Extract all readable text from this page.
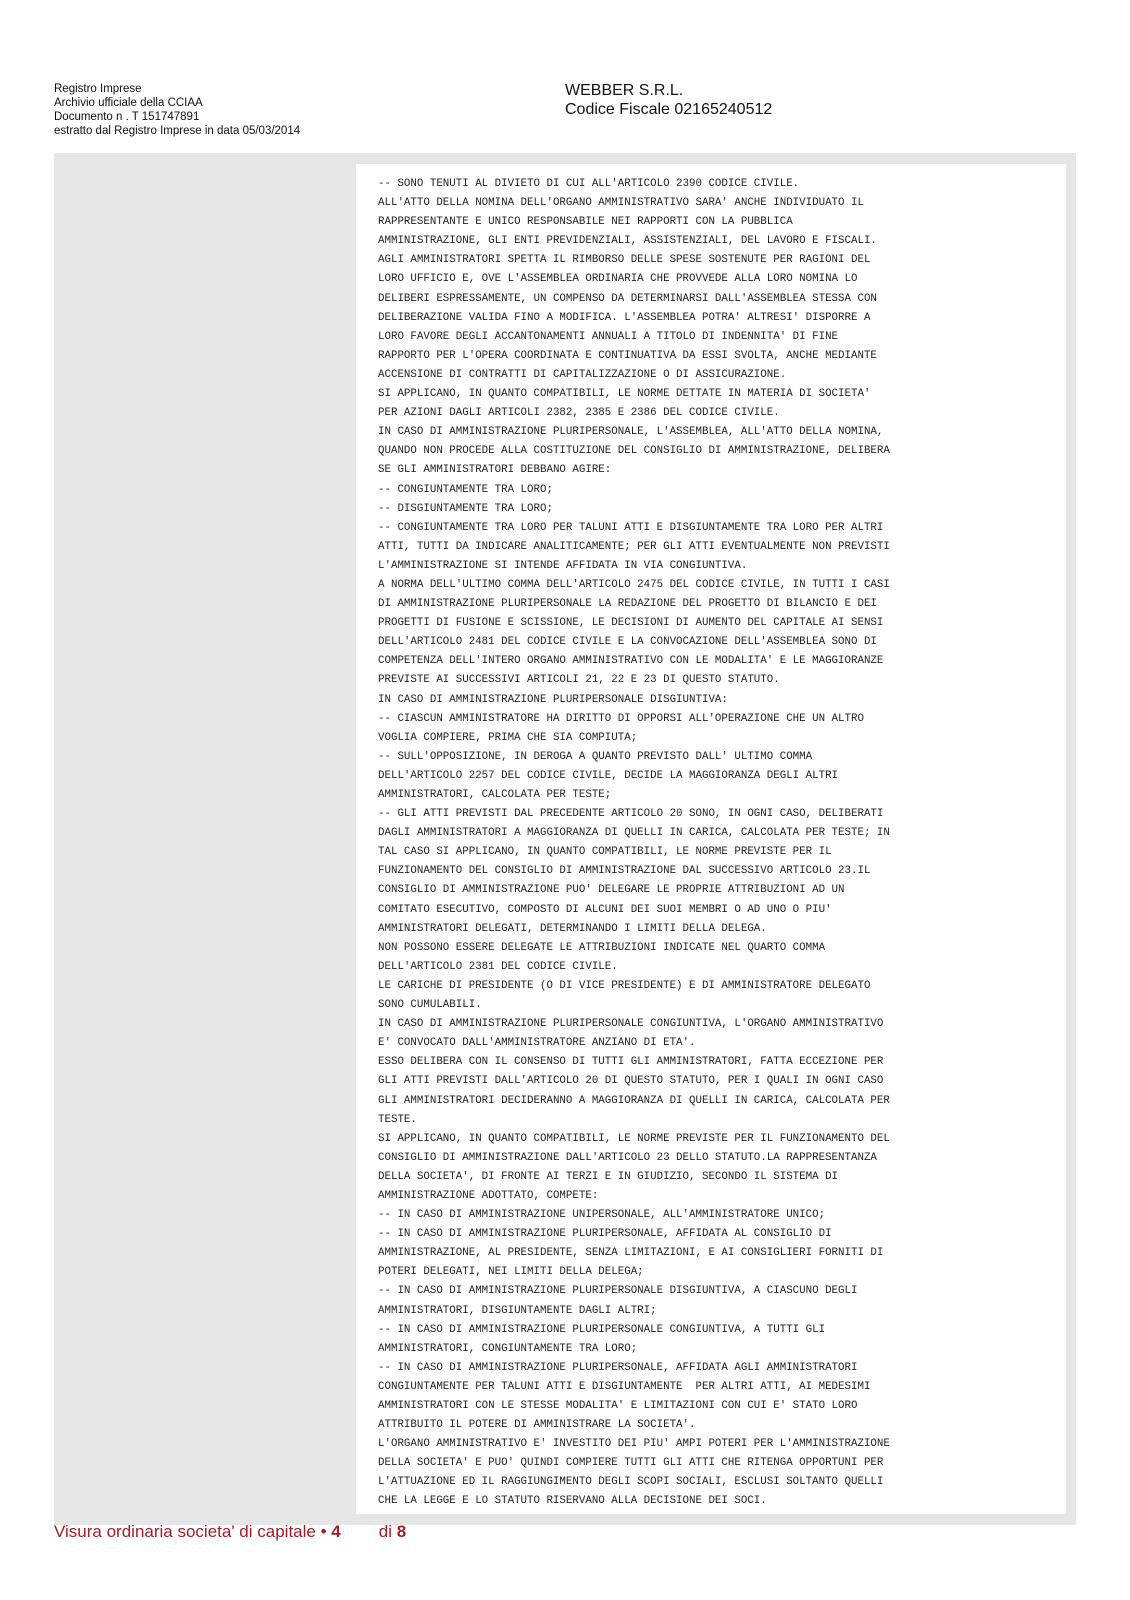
Registro Imprese
Archivio ufficiale della CCIAA
Documento n . T 151747891
estratto dal Registro Imprese in data 05/03/2014
WEBBER S.R.L.
Codice Fiscale 02165240512
-- SONO TENUTI AL DIVIETO DI CUI ALL'ARTICOLO 2390 CODICE CIVILE.
ALL'ATTO DELLA NOMINA DELL'ORGANO AMMINISTRATIVO SARA' ANCHE INDIVIDUATO IL
RAPPRESENTANTE E UNICO RESPONSABILE NEI RAPPORTI CON LA PUBBLICA
AMMINISTRAZIONE, GLI ENTI PREVIDENZIALI, ASSISTENZIALI, DEL LAVORO E FISCALI.
AGLI AMMINISTRATORI SPETTA IL RIMBORSO DELLE SPESE SOSTENUTE PER RAGIONI DEL
LORO UFFICIO E, OVE L'ASSEMBLEA ORDINARIA CHE PROVVEDE ALLA LORO NOMINA LO
DELIBERI ESPRESSAMENTE, UN COMPENSO DA DETERMINARSI DALL'ASSEMBLEA STESSA CON
DELIBERAZIONE VALIDA FINO A MODIFICA. L'ASSEMBLEA POTRA' ALTRESI' DISPORRE A
LORO FAVORE DEGLI ACCANTONAMENTI ANNUALI A TITOLO DI INDENNITA' DI FINE
RAPPORTO PER L'OPERA COORDINATA E CONTINUATIVA DA ESSI SVOLTA, ANCHE MEDIANTE
ACCENSIONE DI CONTRATTI DI CAPITALIZZAZIONE O DI ASSICURAZIONE.
SI APPLICANO, IN QUANTO COMPATIBILI, LE NORME DETTATE IN MATERIA DI SOCIETA'
PER AZIONI DAGLI ARTICOLI 2382, 2385 E 2386 DEL CODICE CIVILE.
IN CASO DI AMMINISTRAZIONE PLURIPERSONALE, L'ASSEMBLEA, ALL'ATTO DELLA NOMINA,
QUANDO NON PROCEDE ALLA COSTITUZIONE DEL CONSIGLIO DI AMMINISTRAZIONE, DELIBERA
SE GLI AMMINISTRATORI DEBBANO AGIRE:
-- CONGIUNTAMENTE TRA LORO;
-- DISGIUNTAMENTE TRA LORO;
-- CONGIUNTAMENTE TRA LORO PER TALUNI ATTI E DISGIUNTAMENTE TRA LORO PER ALTRI
ATTI, TUTTI DA INDICARE ANALITICAMENTE; PER GLI ATTI EVENTUALMENTE NON PREVISTI
L'AMMINISTRAZIONE SI INTENDE AFFIDATA IN VIA CONGIUNTIVA.
A NORMA DELL'ULTIMO COMMA DELL'ARTICOLO 2475 DEL CODICE CIVILE, IN TUTTI I CASI
DI AMMINISTRAZIONE PLURIPERSONALE LA REDAZIONE DEL PROGETTO DI BILANCIO E DEI
PROGETTI DI FUSIONE E SCISSIONE, LE DECISIONI DI AUMENTO DEL CAPITALE AI SENSI
DELL'ARTICOLO 2481 DEL CODICE CIVILE E LA CONVOCAZIONE DELL'ASSEMBLEA SONO DI
COMPETENZA DELL'INTERO ORGANO AMMINISTRATIVO CON LE MODALITA' E LE MAGGIORANZE
PREVISTE AI SUCCESSIVI ARTICOLI 21, 22 E 23 DI QUESTO STATUTO.
IN CASO DI AMMINISTRAZIONE PLURIPERSONALE DISGIUNTIVA:
-- CIASCUN AMMINISTRATORE HA DIRITTO DI OPPORSI ALL'OPERAZIONE CHE UN ALTRO
VOGLIA COMPIERE, PRIMA CHE SIA COMPIUTA;
-- SULL'OPPOSIZIONE, IN DEROGA A QUANTO PREVISTO DALL' ULTIMO COMMA
DELL'ARTICOLO 2257 DEL CODICE CIVILE, DECIDE LA MAGGIORANZA DEGLI ALTRI
AMMINISTRATORI, CALCOLATA PER TESTE;
-- GLI ATTI PREVISTI DAL PRECEDENTE ARTICOLO 20 SONO, IN OGNI CASO, DELIBERATI
DAGLI AMMINISTRATORI A MAGGIORANZA DI QUELLI IN CARICA, CALCOLATA PER TESTE; IN
TAL CASO SI APPLICANO, IN QUANTO COMPATIBILI, LE NORME PREVISTE PER IL
FUNZIONAMENTO DEL CONSIGLIO DI AMMINISTRAZIONE DAL SUCCESSIVO ARTICOLO 23.IL
CONSIGLIO DI AMMINISTRAZIONE PUO' DELEGARE LE PROPRIE ATTRIBUZIONI AD UN
COMITATO ESECUTIVO, COMPOSTO DI ALCUNI DEI SUOI MEMBRI O AD UNO O PIU'
AMMINISTRATORI DELEGATI, DETERMINANDO I LIMITI DELLA DELEGA.
NON POSSONO ESSERE DELEGATE LE ATTRIBUZIONI INDICATE NEL QUARTO COMMA
DELL'ARTICOLO 2381 DEL CODICE CIVILE.
LE CARICHE DI PRESIDENTE (O DI VICE PRESIDENTE) E DI AMMINISTRATORE DELEGATO
SONO CUMULABILI.
IN CASO DI AMMINISTRAZIONE PLURIPERSONALE CONGIUNTIVA, L'ORGANO AMMINISTRATIVO
E' CONVOCATO DALL'AMMINISTRATORE ANZIANO DI ETA'.
ESSO DELIBERA CON IL CONSENSO DI TUTTI GLI AMMINISTRATORI, FATTA ECCEZIONE PER
GLI ATTI PREVISTI DALL'ARTICOLO 20 DI QUESTO STATUTO, PER I QUALI IN OGNI CASO
GLI AMMINISTRATORI DECIDERANNO A MAGGIORANZA DI QUELLI IN CARICA, CALCOLATA PER
TESTE.
SI APPLICANO, IN QUANTO COMPATIBILI, LE NORME PREVISTE PER IL FUNZIONAMENTO DEL
CONSIGLIO DI AMMINISTRAZIONE DALL'ARTICOLO 23 DELLO STATUTO.LA RAPPRESENTANZA
DELLA SOCIETA', DI FRONTE AI TERZI E IN GIUDIZIO, SECONDO IL SISTEMA DI
AMMINISTRAZIONE ADOTTATO, COMPETE:
-- IN CASO DI AMMINISTRAZIONE UNIPERSONALE, ALL'AMMINISTRATORE UNICO;
-- IN CASO DI AMMINISTRAZIONE PLURIPERSONALE, AFFIDATA AL CONSIGLIO DI
AMMINISTRAZIONE, AL PRESIDENTE, SENZA LIMITAZIONI, E AI CONSIGLIERI FORNITI DI
POTERI DELEGATI, NEI LIMITI DELLA DELEGA;
-- IN CASO DI AMMINISTRAZIONE PLURIPERSONALE DISGIUNTIVA, A CIASCUNO DEGLI
AMMINISTRATORI, DISGIUNTAMENTE DAGLI ALTRI;
-- IN CASO DI AMMINISTRAZIONE PLURIPERSONALE CONGIUNTIVA, A TUTTI GLI
AMMINISTRATORI, CONGIUNTAMENTE TRA LORO;
-- IN CASO DI AMMINISTRAZIONE PLURIPERSONALE, AFFIDATA AGLI AMMINISTRATORI
CONGIUNTAMENTE PER TALUNI ATTI E DISGIUNTAMENTE  PER ALTRI ATTI, AI MEDESIMI
AMMINISTRATORI CON LE STESSE MODALITA' E LIMITAZIONI CON CUI E' STATO LORO
ATTRIBUITO IL POTERE DI AMMINISTRARE LA SOCIETA'.
L'ORGANO AMMINISTRATIVO E' INVESTITO DEI PIU' AMPI POTERI PER L'AMMINISTRAZIONE
DELLA SOCIETA' E PUO' QUINDI COMPIERE TUTTI GLI ATTI CHE RITENGA OPPORTUNI PER
L'ATTUAZIONE ED IL RAGGIUNGIMENTO DEGLI SCOPI SOCIALI, ESCLUSI SOLTANTO QUELLI
CHE LA LEGGE E LO STATUTO RISERVANO ALLA DECISIONE DEI SOCI.
Visura ordinaria societa' di capitale • 4 di 8
